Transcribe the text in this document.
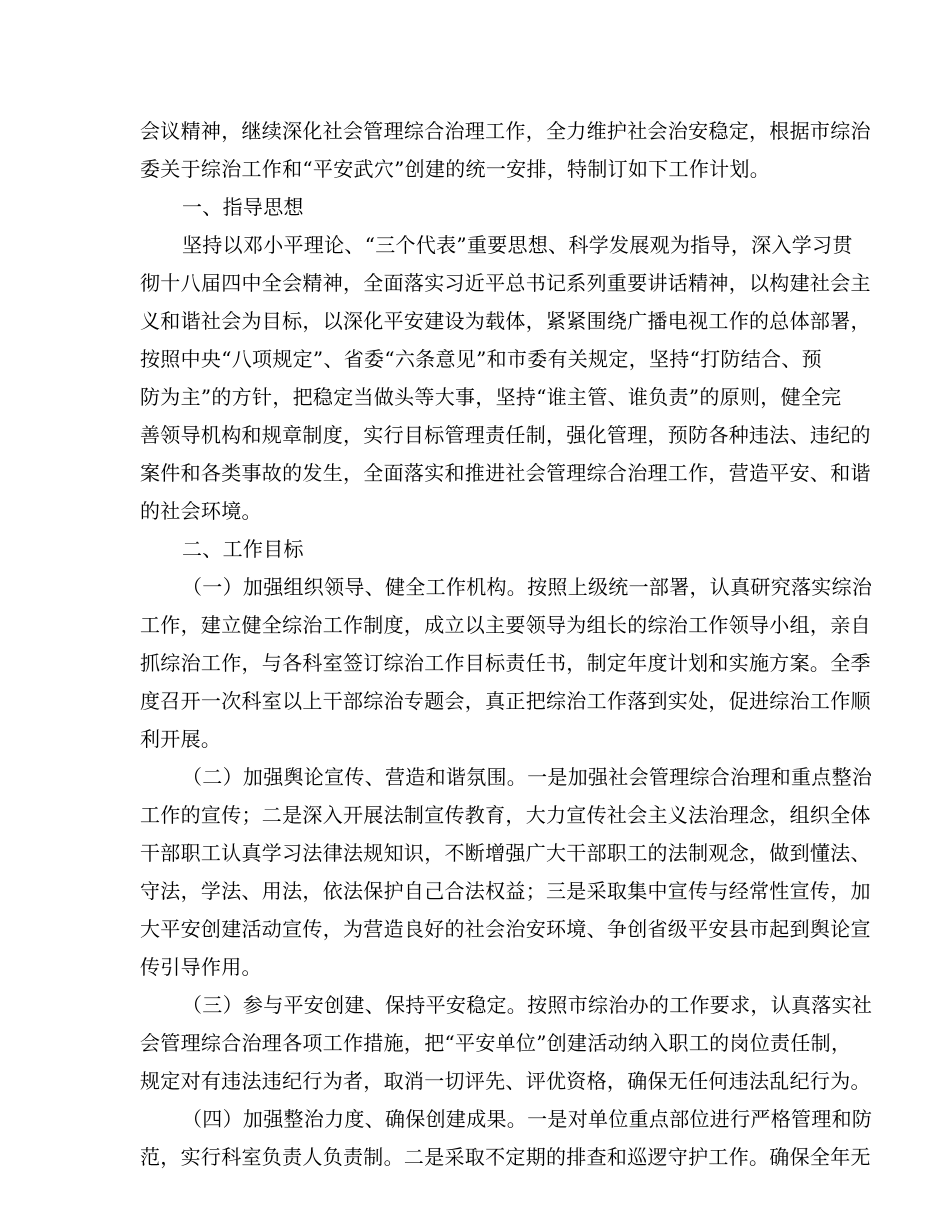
会议精神，继续深化社会管理综合治理工作，全力维护社会治安稳定，根据市综治
委关于综治工作和“平安武穴”创建的统一安排，特制订如下工作计划。
一、指导思想
坚持以邓小平理论、“三个代表”重要思想、科学发展观为指导，深入学习贯
彻十八届四中全会精神，全面落实习近平总书记系列重要讲话精神，以构建社会主
义和谐社会为目标，以深化平安建设为载体，紧紧围绕广播电视工作的总体部署，
按照中央“八项规定”、省委“六条意见”和市委有关规定，坚持“打防结合、预
防为主”的方针，把稳定当做头等大事，坚持“谁主管、谁负责”的原则，健全完
善领导机构和规章制度，实行目标管理责任制，强化管理，预防各种违法、违纪的
案件和各类事故的发生，全面落实和推进社会管理综合治理工作，营造平安、和谐
的社会环境。
二、工作目标
（一）加强组织领导、健全工作机构。按照上级统一部署，认真研究落实综治
工作，建立健全综治工作制度，成立以主要领导为组长的综治工作领导小组，亲自
抓综治工作，与各科室签订综治工作目标责任书，制定年度计划和实施方案。全季
度召开一次科室以上干部综治专题会，真正把综治工作落到实处，促进综治工作顺
利开展。
（二）加强舆论宣传、营造和谐氛围。一是加强社会管理综合治理和重点整治
工作的宣传；二是深入开展法制宣传教育，大力宣传社会主义法治理念，组织全体
干部职工认真学习法律法规知识，不断增强广大干部职工的法制观念，做到懂法、
守法，学法、用法，依法保护自己合法权益；三是采取集中宣传与经常性宣传，加
大平安创建活动宣传，为营造良好的社会治安环境、争创省级平安县市起到舆论宣
传引导作用。
（三）参与平安创建、保持平安稳定。按照市综治办的工作要求，认真落实社
会管理综合治理各项工作措施，把“平安单位”创建活动纳入职工的岗位责任制，
规定对有违法违纪行为者，取消一切评先、评优资格，确保无任何违法乱纪行为。
（四）加强整治力度、确保创建成果。一是对单位重点部位进行严格管理和防
范，实行科室负责人负责制。二是采取不定期的排查和巡逻守护工作。确保全年无
